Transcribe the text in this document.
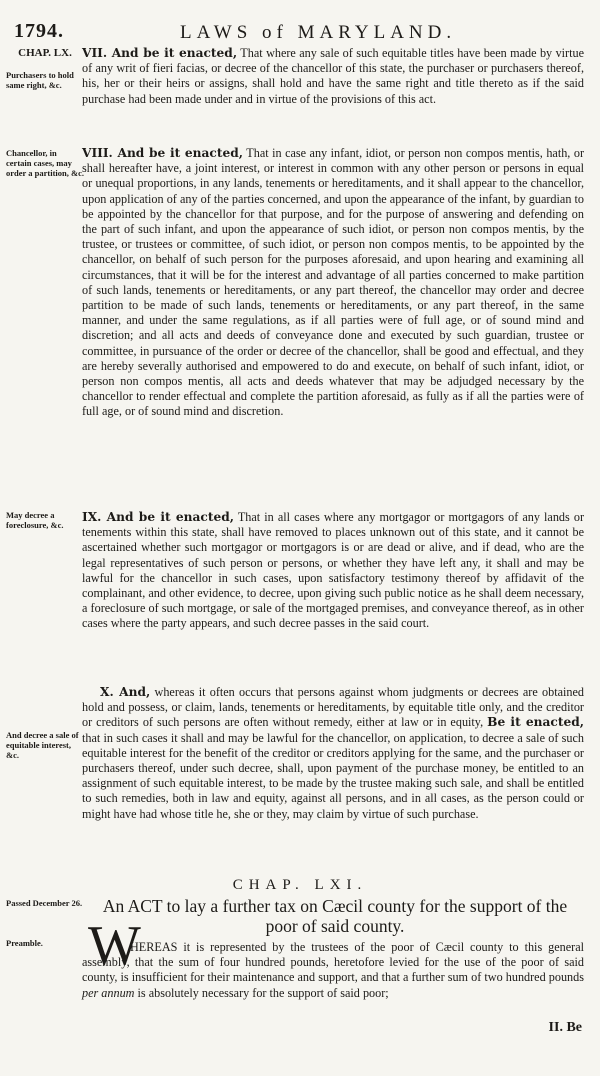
1794.	LAWS of MARYLAND.
CHAP. LX.
Purchasers to hold same right, &c.
VII. And be it enacted, That where any sale of such equitable titles have been made by virtue of any writ of fieri facias, or decree of the chancellor of this state, the purchaser or purchasers thereof, his, her or their heirs or assigns, shall hold and have the same right and title thereto as if the said purchase had been made under and in virtue of the provisions of this act.
Chancellor, in certain cases, may order a partition, &c.
VIII. And be it enacted, That in case any infant, idiot, or person non compos mentis, hath, or shall hereafter have, a joint interest, or interest in common with any other person or persons in equal or unequal proportions, in any lands, tenements or hereditaments, and it shall appear to the chancellor, upon application of any of the parties concerned, and upon the appearance of the infant, by guardian to be appointed by the chancellor for that purpose, and for the purpose of answering and defending on the part of such infant, and upon the appearance of such idiot, or person non compos mentis, by the trustee, or trustees or committee, of such idiot, or person non compos mentis, to be appointed by the chancellor, on behalf of such person for the purposes aforesaid, and upon hearing and examining all circumstances, that it will be for the interest and advantage of all parties concerned to make partition of such lands, tenements or hereditaments, or any part thereof, the chancellor may order and decree partition to be made of such lands, tenements or hereditaments, or any part thereof, in the same manner, and under the same regulations, as if all parties were of full age, or of sound mind and discretion; and all acts and deeds of conveyance done and executed by such guardian, trustee or committee, in pursuance of the order or decree of the chancellor, shall be good and effectual, and they are hereby severally authorised and empowered to do and execute, on behalf of such infant, idiot, or person non compos mentis, all acts and deeds whatever that may be adjudged necessary by the chancellor to render effectual and complete the partition aforesaid, as fully as if all the parties were of full age, or of sound mind and discretion.
May decree a foreclosure, &c.
IX. And be it enacted, That in all cases where any mortgagor or mortgagors of any lands or tenements within this state, shall have removed to places unknown out of this state, and it cannot be ascertained whether such mortgagor or mortgagors is or are dead or alive, and if dead, who are the legal representatives of such person or persons, or whether they have left any, it shall and may be lawful for the chancellor in such cases, upon satisfactory testimony thereof by affidavit of the complainant, and other evidence, to decree, upon giving such public notice as he shall deem necessary, a foreclosure of such mortgage, or sale of the mortgaged premises, and conveyance thereof, as in other cases where the party appears, and such decree passes in the said court.
And decree a sale of equitable interest, &c.
X. And, whereas it often occurs that persons against whom judgments or decrees are obtained hold and possess, or claim, lands, tenements or hereditaments, by equitable title only, and the creditor or creditors of such persons are often without remedy, either at law or in equity, Be it enacted, that in such cases it shall and may be lawful for the chancellor, on application, to decree a sale of such equitable interest for the benefit of the creditor or creditors applying for the same, and the purchaser or purchasers thereof, under such decree, shall, upon payment of the purchase money, be entitled to an assignment of such equitable interest, to be made by the trustee making such sale, and shall be entitled to such remedies, both in law and equity, against all persons, and in all cases, as the person could or might have had whose title he, she or they, may claim by virtue of such purchase.
CHAP. LXI.
Passed December 26. An ACT to lay a further tax on Cæcil county for the support of the poor of said county.
Preamble. W
HEREAS it is represented by the trustees of the poor of Cæcil county to this general assembly, that the sum of four hundred pounds, heretofore levied for the use of the poor of said county, is insufficient for their maintenance and support, and that a further sum of two hundred pounds per annum is absolutely necessary for the support of said poor;
II. Be
